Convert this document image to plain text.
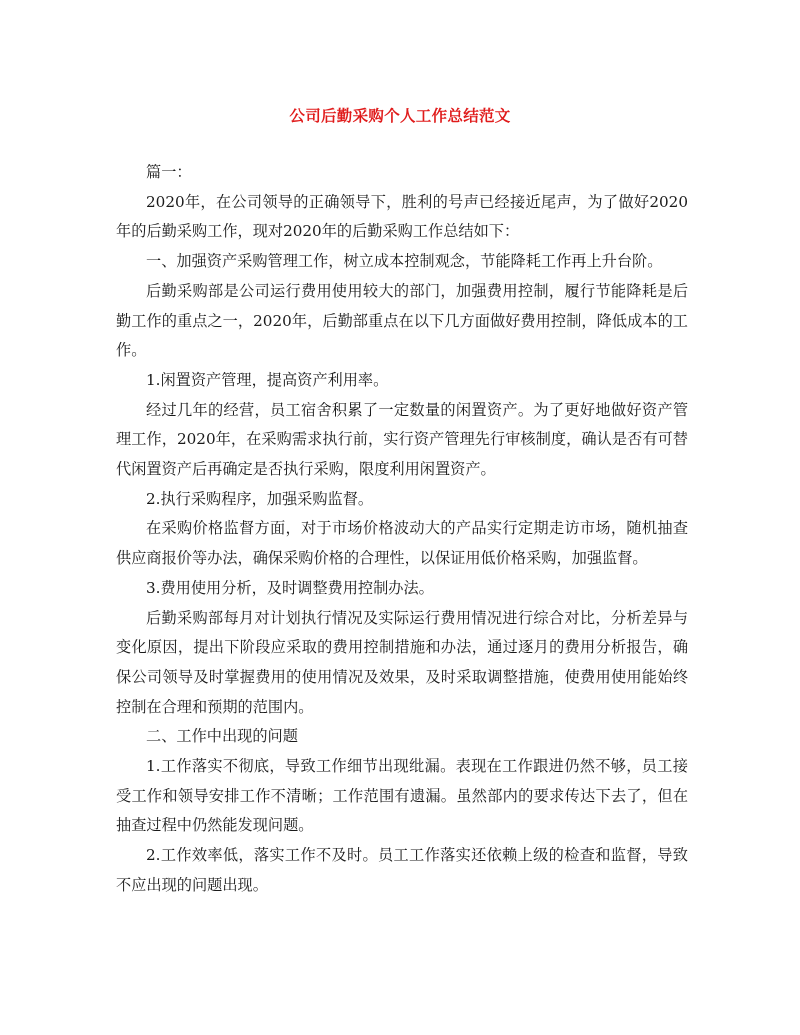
公司后勤采购个人工作总结范文

篇一：

2020年，在公司领导的正确领导下，胜利的号声已经接近尾声，为了做好2020年的后勤采购工作，现对2020年的后勤采购工作总结如下：

一、加强资产采购管理工作，树立成本控制观念，节能降耗工作再上升台阶。

后勤采购部是公司运行费用使用较大的部门，加强费用控制，履行节能降耗是后勤工作的重点之一，2020年，后勤部重点在以下几方面做好费用控制，降低成本的工作。

1.闲置资产管理，提高资产利用率。

经过几年的经营，员工宿舍积累了一定数量的闲置资产。为了更好地做好资产管理工作，2020年，在采购需求执行前，实行资产管理先行审核制度，确认是否有可替代闲置资产后再确定是否执行采购，限度利用闲置资产。

2.执行采购程序，加强采购监督。

在采购价格监督方面，对于市场价格波动大的产品实行定期走访市场，随机抽查供应商报价等办法，确保采购价格的合理性，以保证用低价格采购，加强监督。

3.费用使用分析，及时调整费用控制办法。

后勤采购部每月对计划执行情况及实际运行费用情况进行综合对比，分析差异与变化原因，提出下阶段应采取的费用控制措施和办法，通过逐月的费用分析报告，确保公司领导及时掌握费用的使用情况及效果，及时采取调整措施，使费用使用能始终控制在合理和预期的范围内。

二、工作中出现的问题

1.工作落实不彻底，导致工作细节出现纰漏。表现在工作跟进仍然不够，员工接受工作和领导安排工作不清晰；工作范围有遗漏。虽然部内的要求传达下去了，但在抽查过程中仍然能发现问题。

2.工作效率低，落实工作不及时。员工工作落实还依赖上级的检查和监督，导致不应出现的问题出现。
